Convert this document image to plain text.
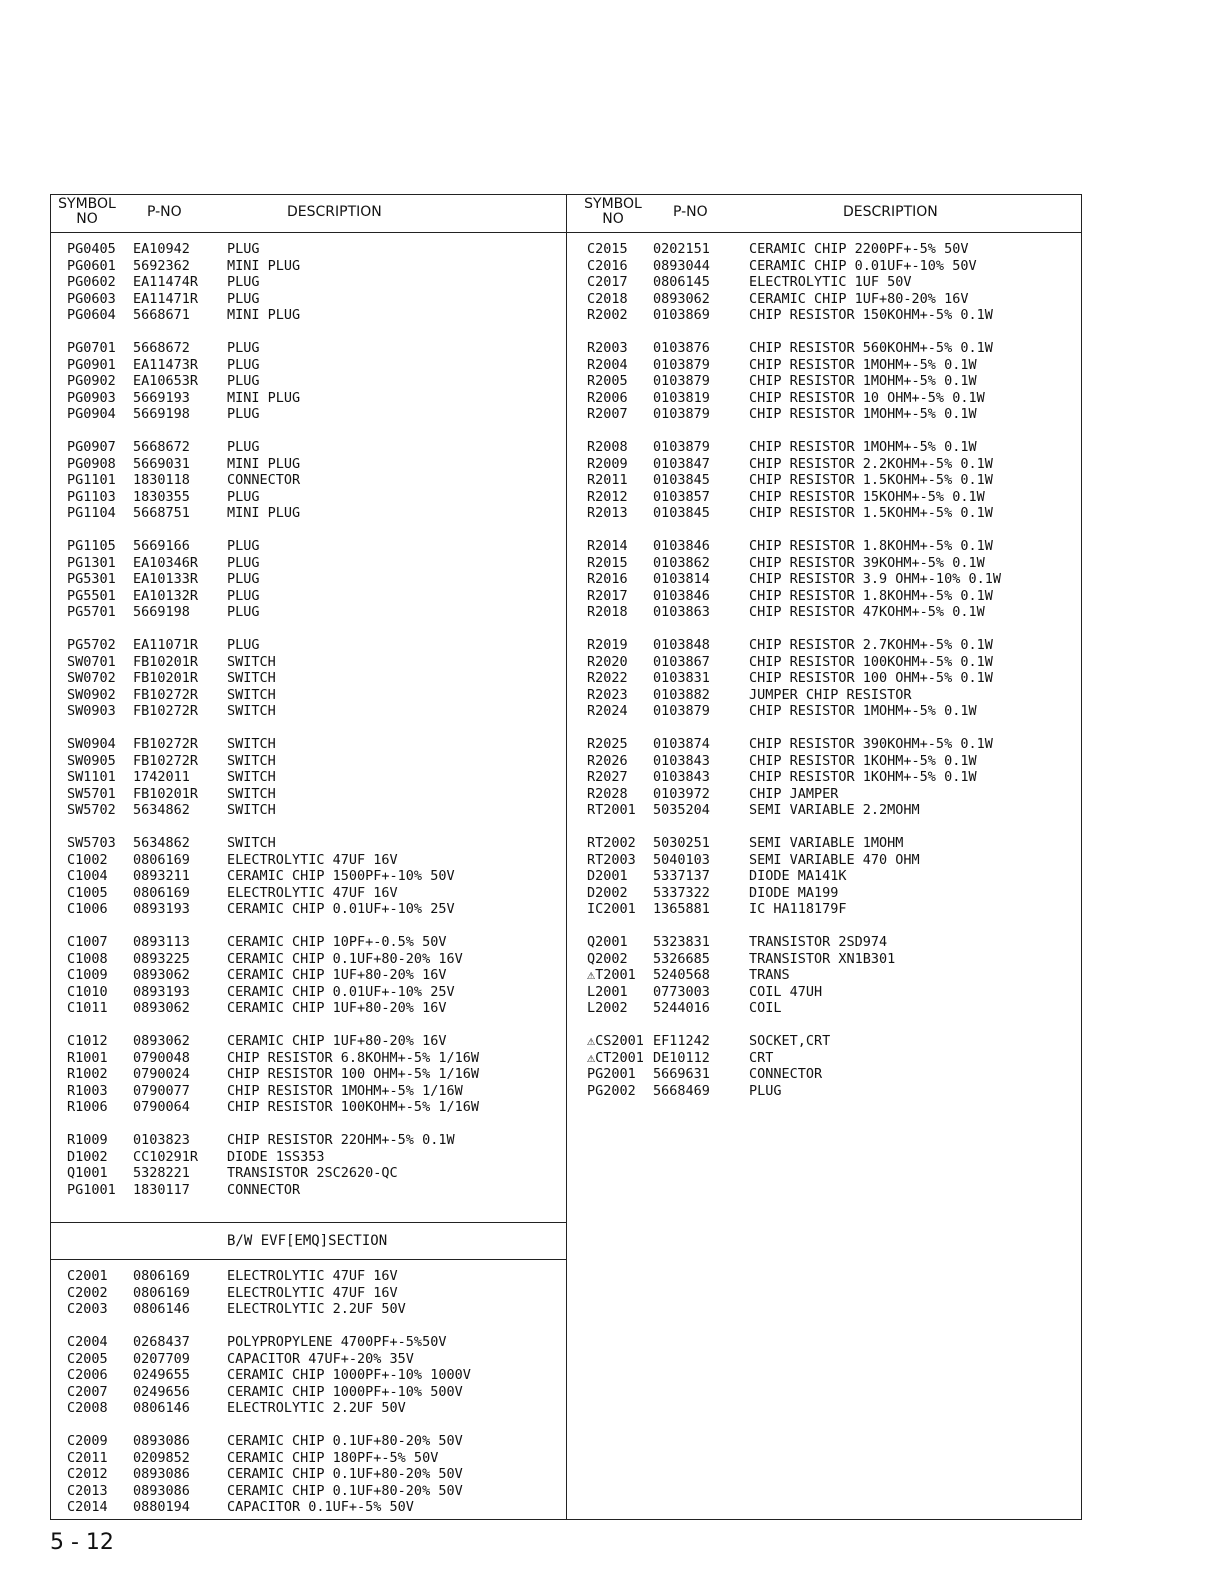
SYMBOL NO	P-NO	DESCRIPTION
PG0405 EA10942	PLUG
PG0601 5692362	MINI PLUG
PG0602 EA11474R PLUG
PG0603 EA11471R PLUG
PG0604 5668671	MINI PLUG
PG0701 5668672	PLUG
PG0901 EA11473R PLUG
PG0902 EA10653R PLUG
PG0903 5669193	MINI PLUG
PG0904 5669198	PLUG
PG0907 5668672	PLUG
PG0908 5669031	MINI PLUG
PG1101 1830118	CONNECTOR
PG1103 1830355	PLUG
PG1104 5668751	MINI PLUG
PG1105 5669166	PLUG
PG1301 EA10346R PLUG
PG5301 EA10133R PLUG
PG5501 EA10132R PLUG
PG5701 5669198	PLUG
PG5702 EA11071R PLUG
SW0701 FB10201R SWITCH
SW0702 FB10201R SWITCH
SW0902 FB10272R SWITCH
SW0903 FB10272R SWITCH
SW0904 FB10272R SWITCH
SW0905 FB10272R SWITCH
SW1101 1742011	SWITCH
SW5701 FB10201R SWITCH
SW5702 5634862	SWITCH
SW5703 5634862	SWITCH
C1002 0806169	ELECTROLYTIC 47UF 16V
C1004 0893211	CERAMIC CHIP 1500PF+-10% 50V
C1005 0806169	ELECTROLYTIC 47UF 16V
C1006 0893193	CERAMIC CHIP 0.01UF+-10% 25V
C1007 0893113	CERAMIC CHIP 10PF+-0.5% 50V
C1008 0893225	CERAMIC CHIP 0.1UF+80-20% 16V
C1009 0893062	CERAMIC CHIP 1UF+80-20% 16V
C1010 0893193	CERAMIC CHIP 0.01UF+-10% 25V
C1011 0893062	CERAMIC CHIP 1UF+80-20% 16V
C1012 0893062	CERAMIC CHIP 1UF+80-20% 16V
R1001 0790048	CHIP RESISTOR 6.8KOHM+-5% 1/16W
R1002 0790024	CHIP RESISTOR 100 OHM+-5% 1/16W
R1003 0790077	CHIP RESISTOR 1MOHM+-5% 1/16W
R1006 0790064	CHIP RESISTOR 100KOHM+-5% 1/16W
R1009 0103823	CHIP RESISTOR 22OHM+-5% 0.1W
D1002 CC10291R DIODE 1SS353
Q1001 5328221	TRANSISTOR 2SC2620-QC
PG1001 1830117	CONNECTOR
B/W EVF[EMQ]SECTION
C2001 0806169	ELECTROLYTIC 47UF 16V
C2002 0806169	ELECTROLYTIC 47UF 16V
C2003 0806146	ELECTROLYTIC 2.2UF 50V
C2004 0268437	POLYPROPYLENE 4700PF+-5%50V
C2005 0207709	CAPACITOR 47UF+-20% 35V
C2006 0249655	CERAMIC CHIP 1000PF+-10% 1000V
C2007 0249656	CERAMIC CHIP 1000PF+-10% 500V
C2008 0806146	ELECTROLYTIC 2.2UF 50V
C2009 0893086	CERAMIC CHIP 0.1UF+80-20% 50V
C2011 0209852	CERAMIC CHIP 180PF+-5% 50V
C2012 0893086	CERAMIC CHIP 0.1UF+80-20% 50V
C2013 0893086	CERAMIC CHIP 0.1UF+80-20% 50V
C2014 0880194	CAPACITOR 0.1UF+-5% 50V
SYMBOL NO	P-NO	DESCRIPTION
C2015 0202151	CERAMIC CHIP 2200PF+-5% 50V
C2016 0893044	CERAMIC CHIP 0.01UF+-10% 50V
C2017 0806145	ELECTROLYTIC 1UF 50V
C2018 0893062	CERAMIC CHIP 1UF+80-20% 16V
R2002 0103869	CHIP RESISTOR 150KOHM+-5% 0.1W
R2003 0103876	CHIP RESISTOR 560KOHM+-5% 0.1W
R2004 0103879	CHIP RESISTOR 1MOHM+-5% 0.1W
R2005 0103879	CHIP RESISTOR 1MOHM+-5% 0.1W
R2006 0103819	CHIP RESISTOR 10 OHM+-5% 0.1W
R2007 0103879	CHIP RESISTOR 1MOHM+-5% 0.1W
R2008 0103879	CHIP RESISTOR 1MOHM+-5% 0.1W
R2009 0103847	CHIP RESISTOR 2.2KOHM+-5% 0.1W
R2011 0103845	CHIP RESISTOR 1.5KOHM+-5% 0.1W
R2012 0103857	CHIP RESISTOR 15KOHM+-5% 0.1W
R2013 0103845	CHIP RESISTOR 1.5KOHM+-5% 0.1W
R2014 0103846	CHIP RESISTOR 1.8KOHM+-5% 0.1W
R2015 0103862	CHIP RESISTOR 39KOHM+-5% 0.1W
R2016 0103814	CHIP RESISTOR 3.9 OHM+-10% 0.1W
R2017 0103846	CHIP RESISTOR 1.8KOHM+-5% 0.1W
R2018 0103863	CHIP RESISTOR 47KOHM+-5% 0.1W
R2019 0103848	CHIP RESISTOR 2.7KOHM+-5% 0.1W
R2020 0103867	CHIP RESISTOR 100KOHM+-5% 0.1W
R2022 0103831	CHIP RESISTOR 100 OHM+-5% 0.1W
R2023 0103882	JUMPER CHIP RESISTOR
R2024 0103879	CHIP RESISTOR 1MOHM+-5% 0.1W
R2025 0103874	CHIP RESISTOR 390KOHM+-5% 0.1W
R2026 0103843	CHIP RESISTOR 1KOHM+-5% 0.1W
R2027 0103843	CHIP RESISTOR 1KOHM+-5% 0.1W
R2028 0103972	CHIP JAMPER
RT2001 5035204	SEMI VARIABLE 2.2MOHM
RT2002 5030251	SEMI VARIABLE 1MOHM
RT2003 5040103	SEMI VARIABLE 470 OHM
D2001 5337137	DIODE MA141K
D2002 5337322	DIODE MA199
IC2001 1365881	IC HA118179F
Q2001 5323831	TRANSISTOR 2SD974
Q2002 5326685	TRANSISTOR XN1B301
⚠T2001 5240568	TRANS
L2001 0773003	COIL 47UH
L2002 5244016	COIL
⚠CS2001 EF11242	SOCKET,CRT
⚠CT2001 DE10112	CRT
PG2001 5669631	CONNECTOR
PG2002 5668469	PLUG
5 - 12
